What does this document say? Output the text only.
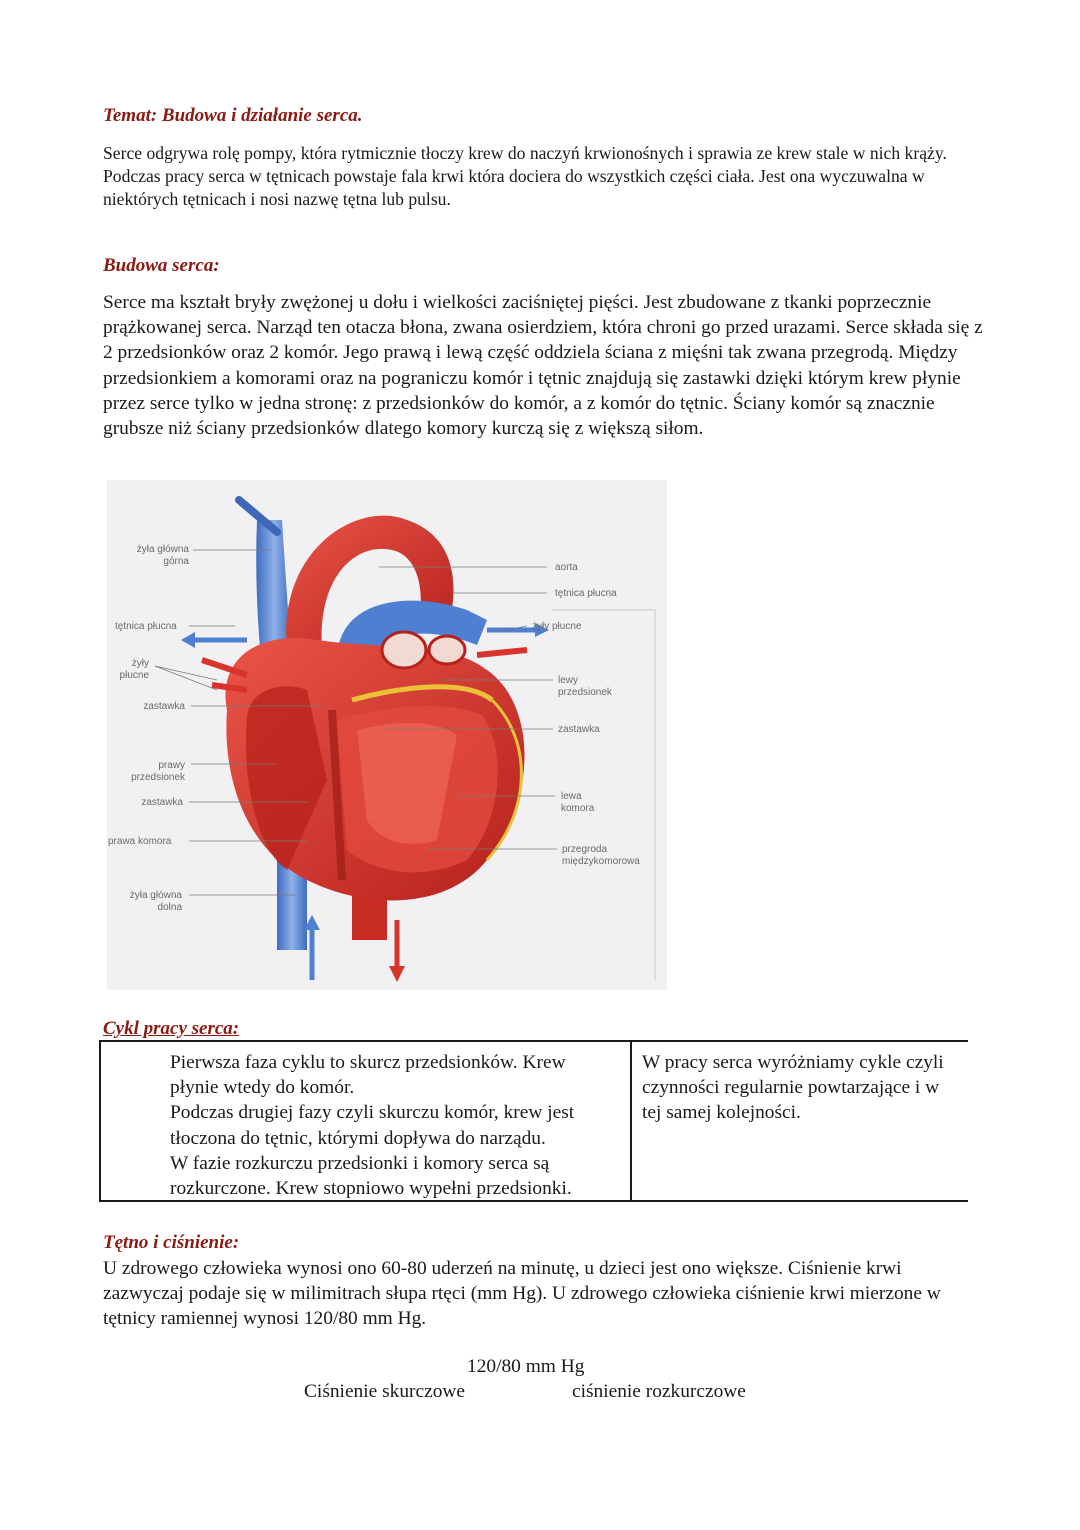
Temat: Budowa i działanie serca.

Serce odgrywa rolę pompy, która rytmicznie tłoczy krew do naczyń krwionośnych i sprawia ze krew stale w nich krąży. Podczas pracy serca w tętnicach powstaje fala krwi która dociera do wszystkich części ciała. Jest ona wyczuwalna w niektórych tętnicach i nosi nazwę tętna lub pulsu.

Budowa serca:

Serce ma kształt bryły zwężonej u dołu i wielkości zaciśniętej pięści. Jest zbudowane z tkanki poprzecznie prążkowanej serca. Narząd ten otacza błona, zwana osierdziem, która chroni go przed urazami. Serce składa się z 2 przedsionków oraz 2 komór. Jego prawą i lewą część oddziela ściana z mięśni tak zwana przegrodą. Między przedsionkiem a komorami oraz na pograniczu komór i tętnic znajdują się zastawki dzięki którym krew płynie przez serce tylko w jedna stronę: z przedsionków do komór, a z komór do tętnic. Ściany komór są znacznie grubsze niż ściany przedsionków dlatego komory kurczą się z większą siłom.

żyła główna
górna
tętnica płucna
żyły
płucne
zastawka
prawy
przedsionek
zastawka
prawa komora
żyła główna
dolna
aorta
tętnica płucna
żyły płucne
lewy
przedsionek
zastawka
lewa
komora
przegroda
międzykomorowa
Cykl pracy serca:
Pierwsza faza cyklu to skurcz przedsionków. Krew
płynie wtedy do komór.
Podczas drugiej fazy czyli skurczu komór, krew jest
tłoczona do tętnic, którymi dopływa do narządu.
W fazie rozkurczu przedsionki i komory serca są
rozkurczone. Krew stopniowo wypełni przedsionki.

W pracy serca wyróżniamy cykle czyli czynności regularnie powtarzające i w tej samej kolejności.

Tętno i ciśnienie:

U zdrowego człowieka wynosi ono 60-80 uderzeń na minutę, u dzieci jest ono większe. Ciśnienie krwi zazwyczaj podaje się w milimitrach słupa rtęci (mm Hg). U zdrowego człowieka ciśnienie krwi mierzone w tętnicy ramiennej wynosi 120/80 mm Hg.

120/80 mm Hg
Ciśnienie skurczowe	ciśnienie rozkurczowe
